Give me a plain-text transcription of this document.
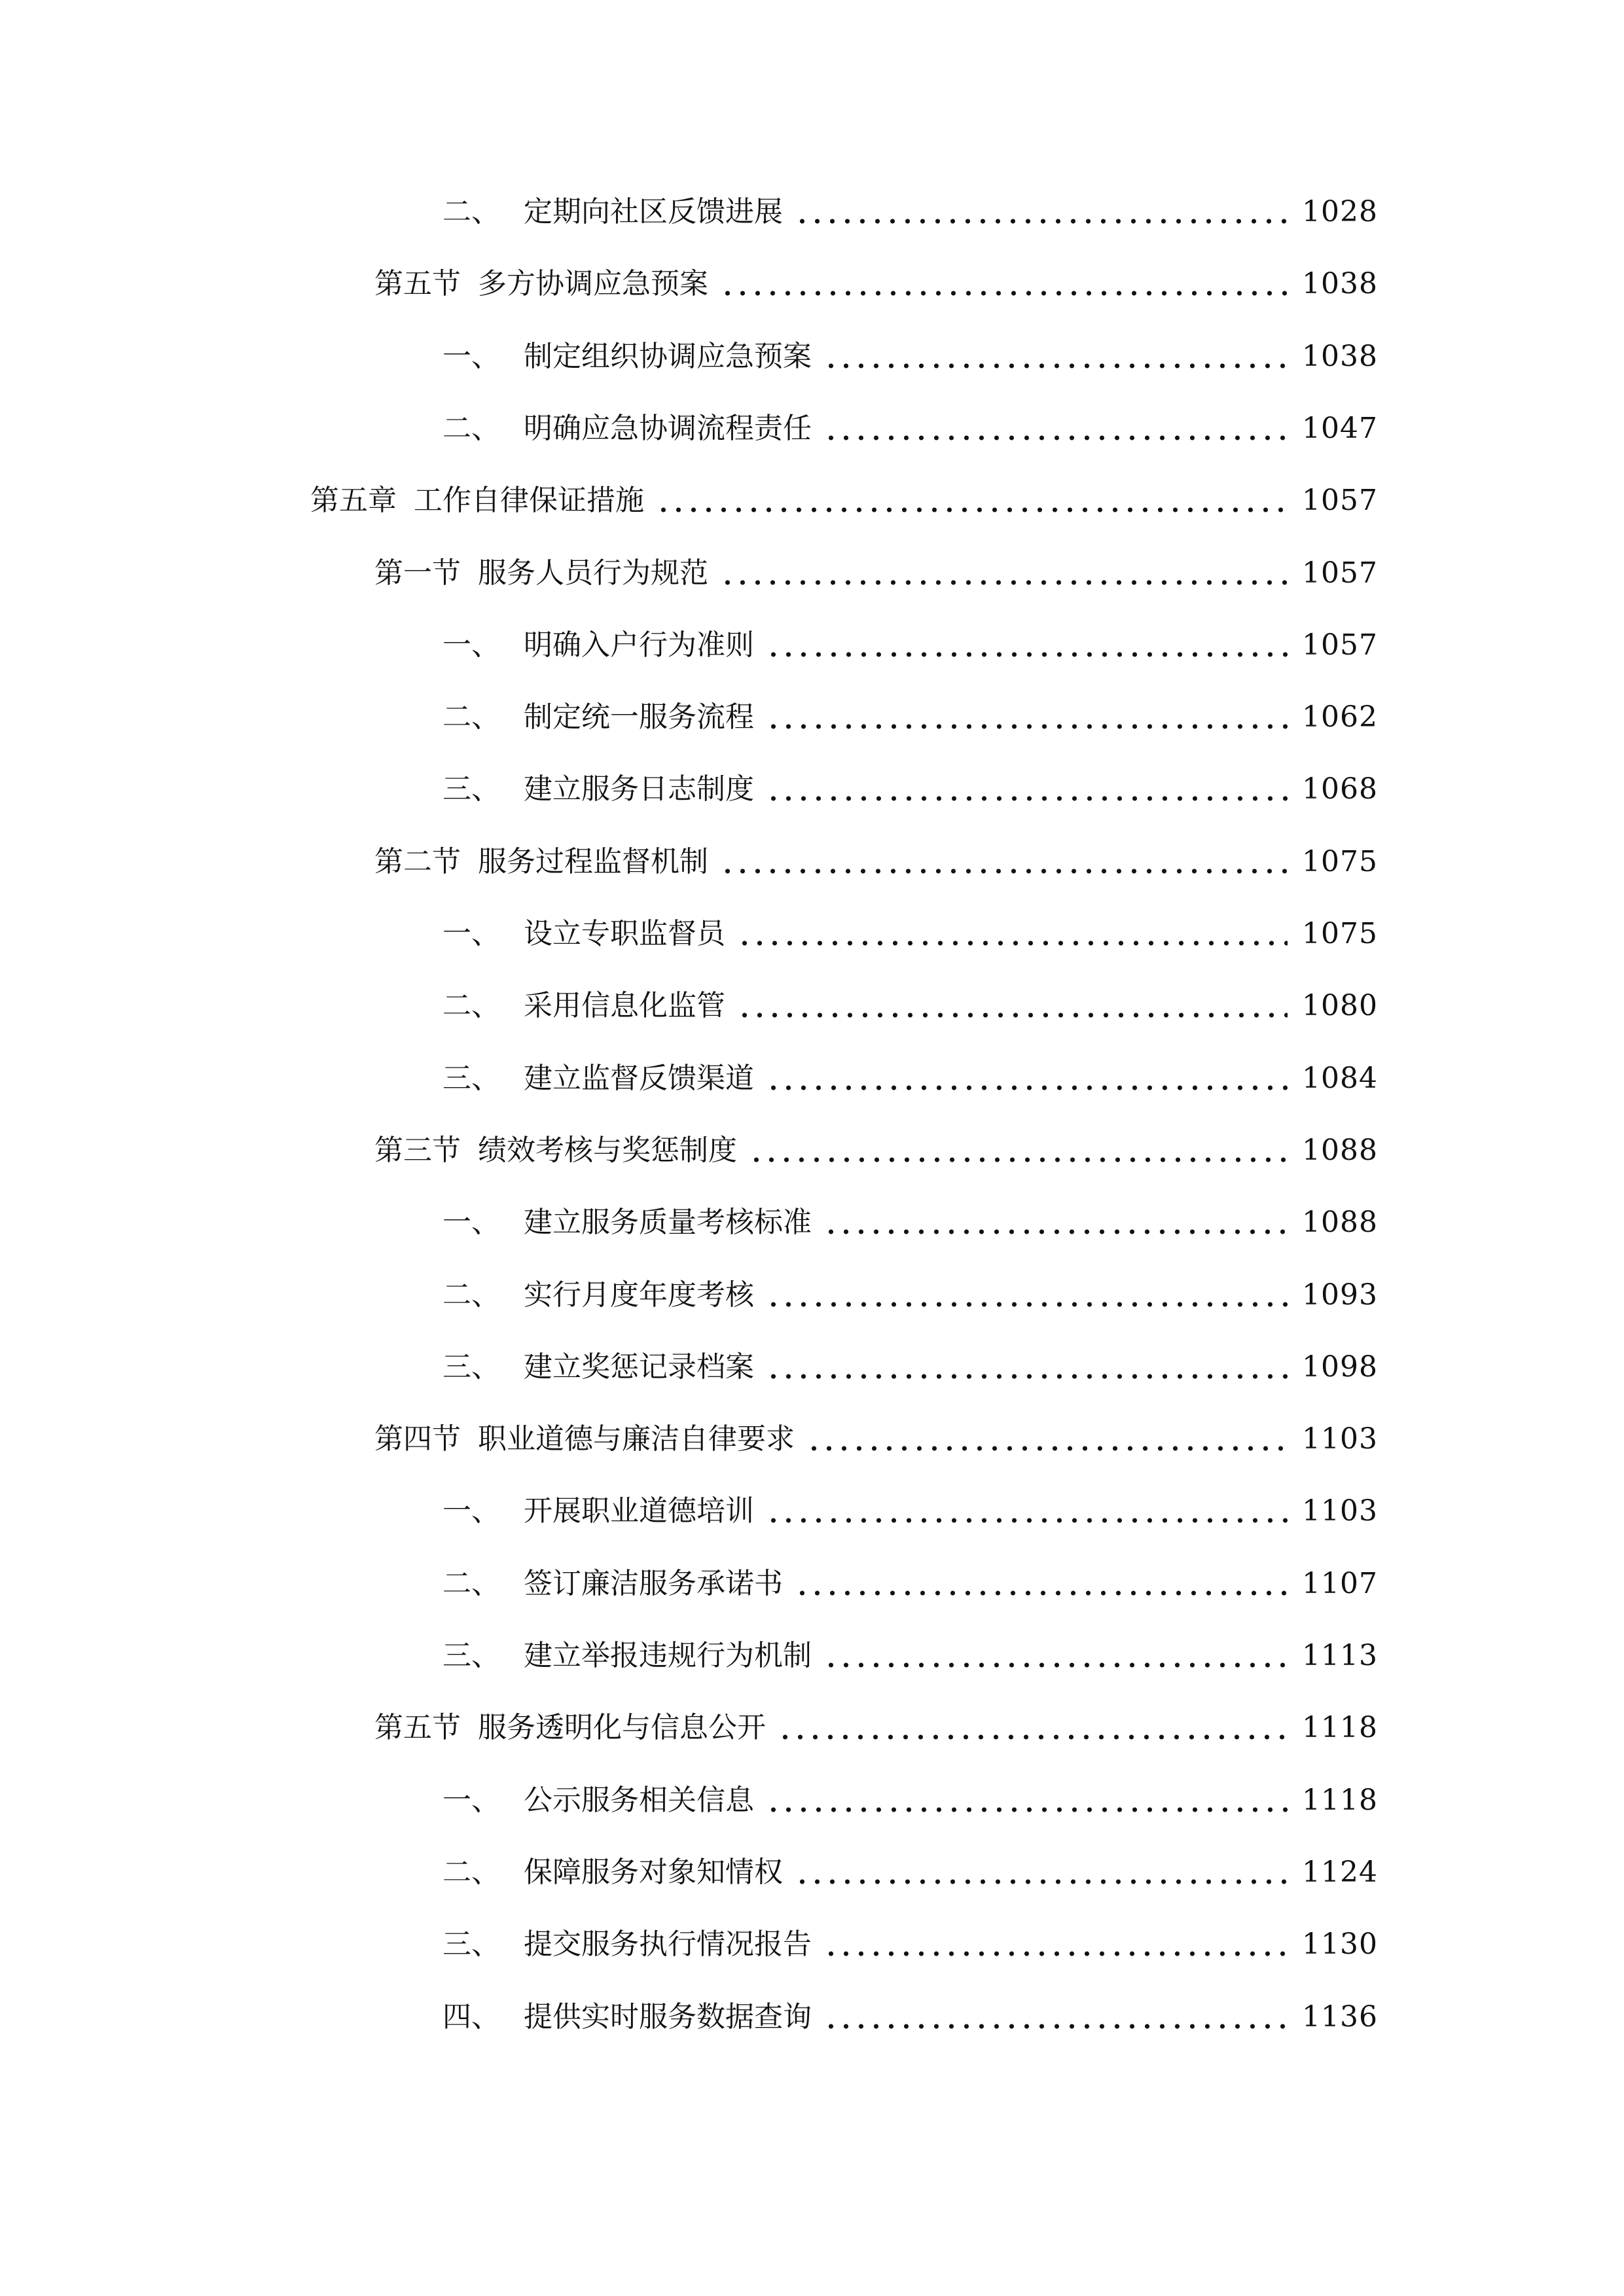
二、 定期向社区反馈进展	1028
第五节 多方协调应急预案	1038
一、 制定组织协调应急预案	1038
二、 明确应急协调流程责任	1047
第五章 工作自律保证措施	1057
第一节 服务人员行为规范	1057
一、 明确入户行为准则	1057
二、 制定统一服务流程	1062
三、 建立服务日志制度	1068
第二节 服务过程监督机制	1075
一、 设立专职监督员	1075
二、 采用信息化监管	1080
三、 建立监督反馈渠道	1084
第三节 绩效考核与奖惩制度	1088
一、 建立服务质量考核标准	1088
二、 实行月度年度考核	1093
三、 建立奖惩记录档案	1098
第四节 职业道德与廉洁自律要求	1103
一、 开展职业道德培训	1103
二、 签订廉洁服务承诺书	1107
三、 建立举报违规行为机制	1113
第五节 服务透明化与信息公开	1118
一、 公示服务相关信息	1118
二、 保障服务对象知情权	1124
三、 提交服务执行情况报告	1130
四、 提供实时服务数据查询	1136
